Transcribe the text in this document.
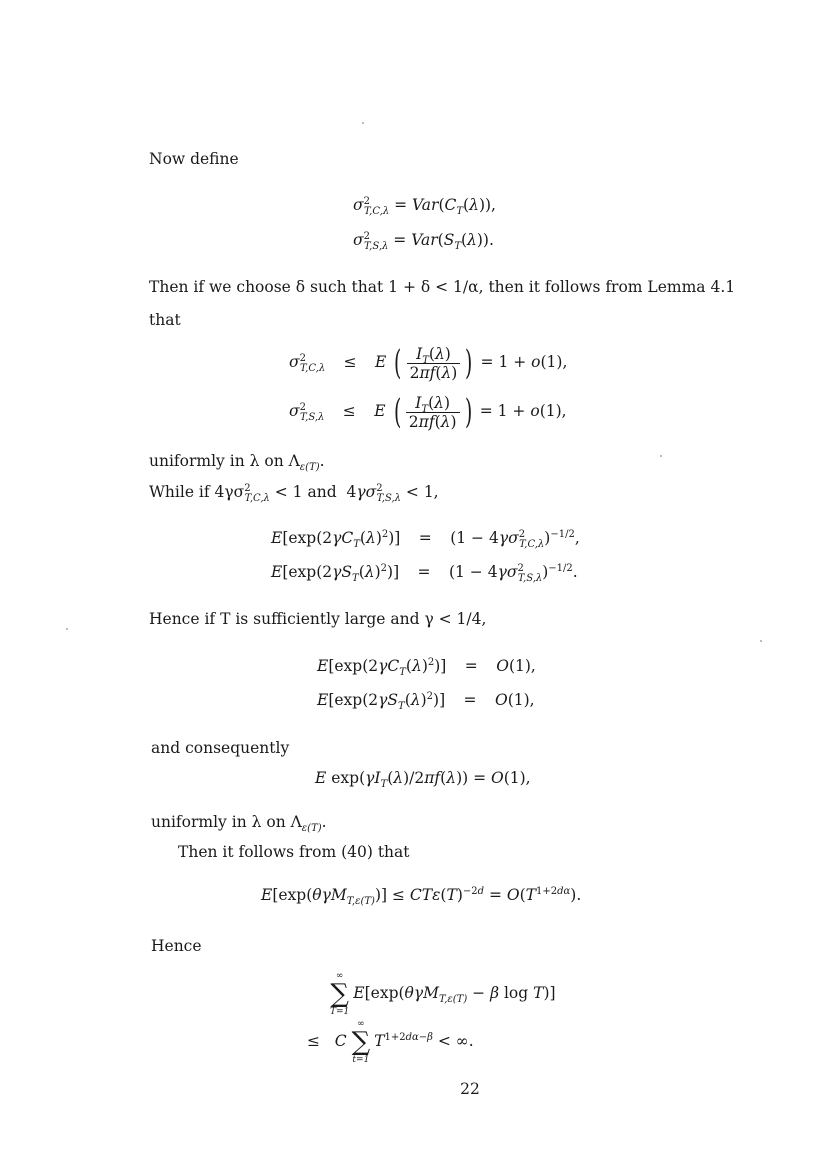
Now define
$\sigma^2_{T,C,\lambda} = Var(C_T(\lambda))$,
$\sigma^2_{T,S,\lambda} = Var(S_T(\lambda))$.
Then if we choose δ such that 1 + δ < 1/α, then it follows from Lemma 4.1
that
$\sigma^2_{T,C,\lambda} \le E$ ( $\frac{I_T(\lambda)}{2\pi f(\lambda)}$ ) = 1 + o(1),
$\sigma^2_{T,S,\lambda} \le E$ ( $\frac{I_T(\lambda)}{2\pi f(\lambda)}$ ) = 1 + o(1),
uniformly in λ on $\Lambda_{\varepsilon(T)}$.
While if $4\gamma\sigma^2_{T,C,\lambda} < 1$ and  $4\gamma\sigma^2_{T,S,\lambda} < 1$,
$E[\exp(2\gamma C_T(\lambda)^2)] = (1 - 4\gamma\sigma^2_{T,C,\lambda})^{-1/2}$,
$E[\exp(2\gamma S_T(\lambda)^2)] = (1 - 4\gamma\sigma^2_{T,S,\lambda})^{-1/2}$.
Hence if T is sufficiently large and γ < 1/4,
$E[\exp(2\gamma C_T(\lambda)^2)] = O(1)$,
$E[\exp(2\gamma S_T(\lambda)^2)] = O(1)$,
and consequently
E $\exp(\gamma I_T(\lambda)/2\pi f(\lambda)) = O(1)$,
uniformly in λ on $\Lambda_{\varepsilon(T)}$.
Then it follows from (40) that
$E[\exp(\theta\gamma M_{T,\varepsilon(T)})] \le CT\varepsilon(T)^{-2d} = O(T^{1+2d\alpha})$.
Hence
∞
∑
T=1
E[exp(θγM$_{T,\varepsilon(T)}$ − β log T)]
≤   C
∞
∑
t=1
$T^{1+2d\alpha-\beta}$ < ∞.
22
